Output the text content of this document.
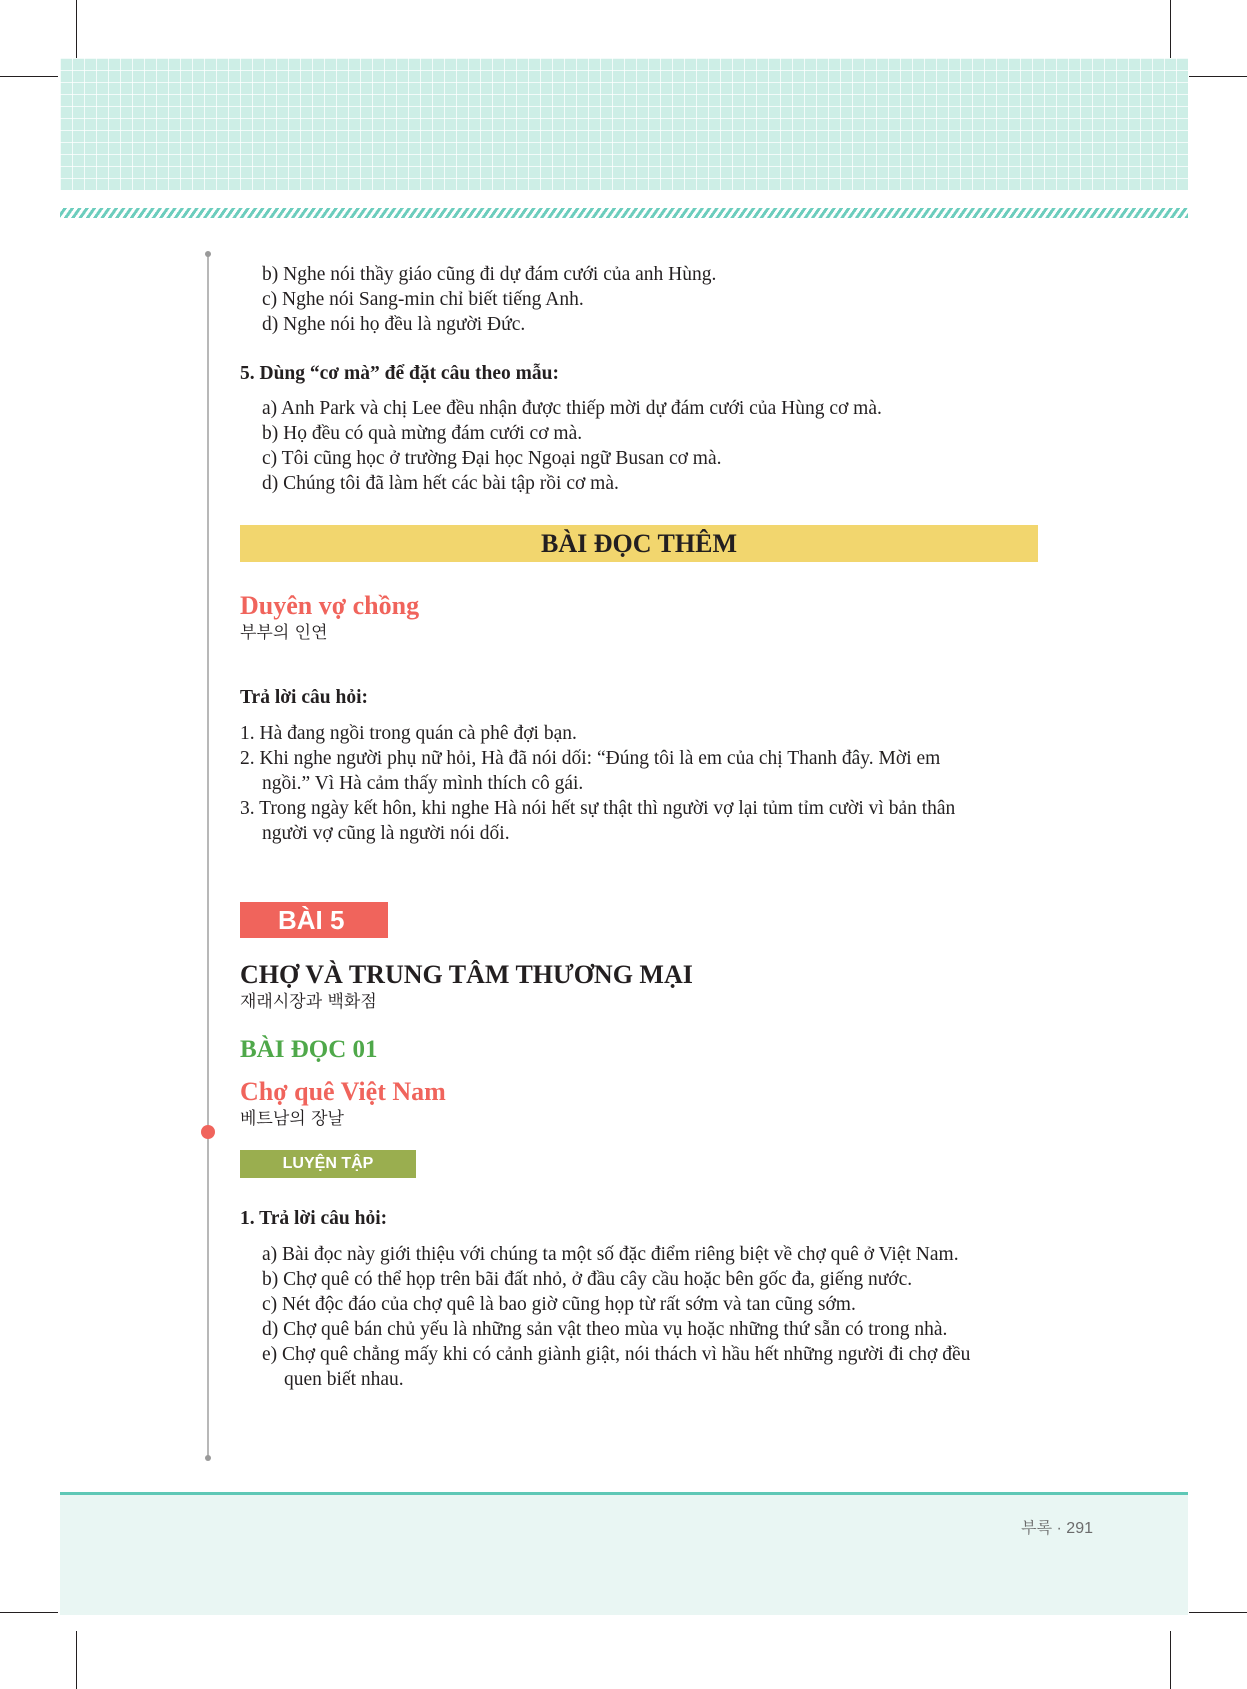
b) Nghe nói thầy giáo cũng đi dự đám cưới của anh Hùng.
c) Nghe nói Sang-min chỉ biết tiếng Anh.
d) Nghe nói họ đều là người Đức.
5. Dùng “cơ mà” để đặt câu theo mẫu:
a) Anh Park và chị Lee đều nhận được thiếp mời dự đám cưới của Hùng cơ mà.
b) Họ đều có quà mừng đám cưới cơ mà.
c) Tôi cũng học ở trường Đại học Ngoại ngữ Busan cơ mà.
d) Chúng tôi đã làm hết các bài tập rồi cơ mà.
BÀI ĐỌC THÊM
Duyên vợ chồng
부부의 인연
Trả lời câu hỏi:
1. Hà đang ngồi trong quán cà phê đợi bạn.
2. Khi nghe người phụ nữ hỏi, Hà đã nói dối: “Đúng tôi là em của chị Thanh đây. Mời em
ngồi.” Vì Hà cảm thấy mình thích cô gái.
3. Trong ngày kết hôn, khi nghe Hà nói hết sự thật thì người vợ lại tủm tỉm cười vì bản thân
người vợ cũng là người nói dối.
BÀI 5
CHỢ VÀ TRUNG TÂM THƯƠNG MẠI
재래시장과 백화점
BÀI ĐỌC 01
Chợ quê Việt Nam
베트남의 장날
LUYỆN TẬP
1. Trả lời câu hỏi:
a) Bài đọc này giới thiệu với chúng ta một số đặc điểm riêng biệt về chợ quê ở Việt Nam.
b) Chợ quê có thể họp trên bãi đất nhỏ, ở đầu cây cầu hoặc bên gốc đa, giếng nước.
c) Nét độc đáo của chợ quê là bao giờ cũng họp từ rất sớm và tan cũng sớm.
d) Chợ quê bán chủ yếu là những sản vật theo mùa vụ hoặc những thứ sẵn có trong nhà.
e) Chợ quê chẳng mấy khi có cảnh giành giật, nói thách vì hầu hết những người đi chợ đều
quen biết nhau.
부록 · 291
